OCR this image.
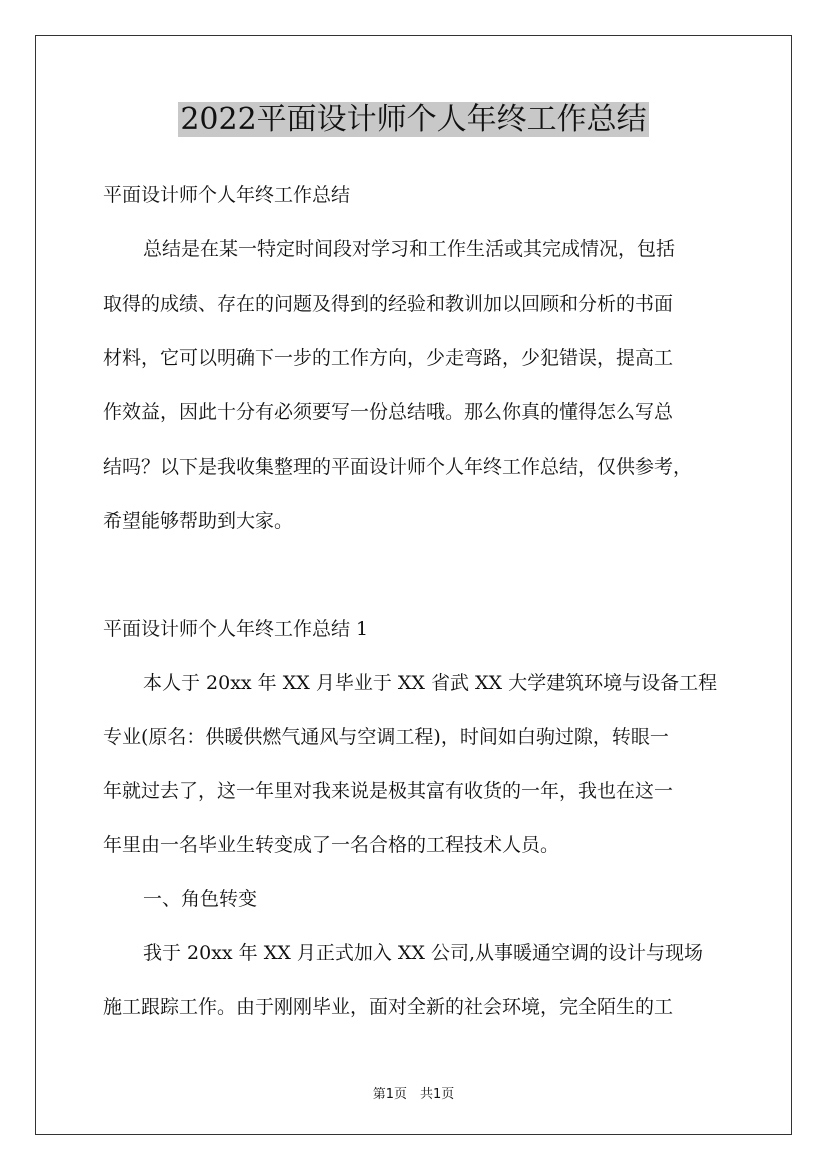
2022平面设计师个人年终工作总结
平面设计师个人年终工作总结
总结是在某一特定时间段对学习和工作生活或其完成情况，包括
取得的成绩、存在的问题及得到的经验和教训加以回顾和分析的书面
材料，它可以明确下一步的工作方向，少走弯路，少犯错误，提高工
作效益，因此十分有必须要写一份总结哦。那么你真的懂得怎么写总
结吗？以下是我收集整理的平面设计师个人年终工作总结，仅供参考，
希望能够帮助到大家。
平面设计师个人年终工作总结 1
本人于 20xx 年 XX 月毕业于 XX 省武 XX 大学建筑环境与设备工程
专业(原名：供暖供燃气通风与空调工程)，时间如白驹过隙，转眼一
年就过去了，这一年里对我来说是极其富有收货的一年，我也在这一
年里由一名毕业生转变成了一名合格的工程技术人员。
一、角色转变
我于 20xx 年 XX 月正式加入 XX 公司,从事暖通空调的设计与现场
施工跟踪工作。由于刚刚毕业，面对全新的社会环境，完全陌生的工
第1页　共1页
